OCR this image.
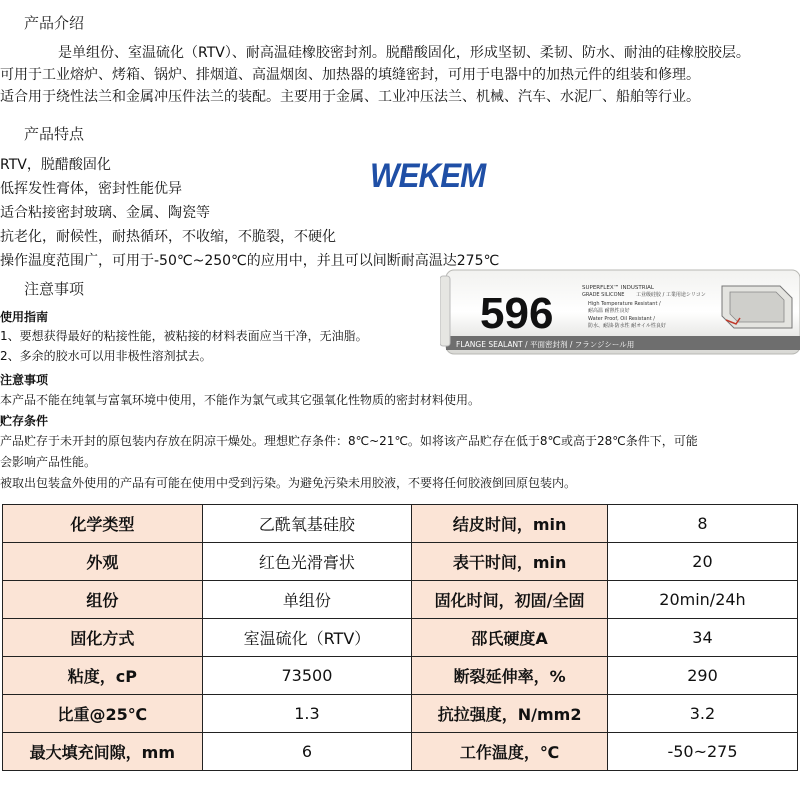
产品介绍
是单组份、室温硫化（RTV）、耐高温硅橡胶密封剂。脱醋酸固化，形成坚韧、柔韧、防水、耐油的硅橡胶胶层。
可用于工业熔炉、烤箱、锅炉、排烟道、高温烟囱、加热器的填缝密封，可用于电器中的加热元件的组装和修理。
适合用于绕性法兰和金属冲压件法兰的装配。主要用于金属、工业冲压法兰、机械、汽车、水泥厂、船舶等行业。
产品特点
RTV，脱醋酸固化
低挥发性膏体，密封性能优异
适合粘接密封玻璃、金属、陶瓷等
抗老化，耐候性，耐热循环，不收缩，不脆裂，不硬化
操作温度范围广，可用于-50℃~250℃的应用中，并且可以间断耐高温达275℃
WEKEM
596
SUPERFLEX™ INDUSTRIAL
GRADE SILICONE 工业级硅胶 / 工業用途シリコン
High Temperature Resistant /
耐高温 耐熱性良好
Water Proof, Oil Resistant /
防水、耐油·防水性 耐オイル性良好
FLANGE SEALANT / 平面密封剂 / フランジシール用
注意事项
使用指南
1、要想获得最好的粘接性能，被粘接的材料表面应当干净，无油脂。
2、多余的胶水可以用非极性溶剂拭去。
注意事项
本产品不能在纯氧与富氧环境中使用，不能作为氯气或其它强氧化性物质的密封材料使用。
贮存条件
产品贮存于未开封的原包装内存放在阴凉干燥处。理想贮存条件：8℃~21℃。如将该产品贮存在低于8℃或高于28℃条件下，可能
会影响产品性能。
被取出包装盒外使用的产品有可能在使用中受到污染。为避免污染未用胶液，不要将任何胶液倒回原包装内。
化学类型	乙酰氧基硅胶	结皮时间，min	8
外观	红色光滑膏状	表干时间，min	20
组份	单组份	固化时间，初固/全固	20min/24h
固化方式	室温硫化（RTV）	邵氏硬度A	34
粘度，cP	73500	断裂延伸率，%	290
比重@25℃	1.3	抗拉强度，N/mm2	3.2
最大填充间隙，mm	6	工作温度，℃	-50~275
